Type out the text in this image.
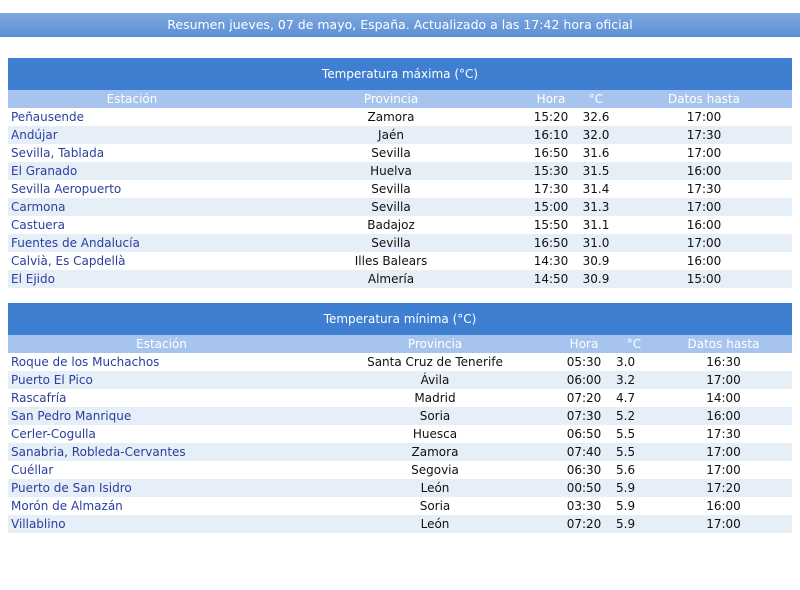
Resumen jueves, 07 de mayo, España. Actualizado a las 17:42 hora oficial
Temperatura máxima (°C)
Estación	Provincia	Hora	°C	Datos hasta
Peñausende	Zamora	15:20	32.6	17:00
Andújar	Jaén	16:10	32.0	17:30
Sevilla, Tablada	Sevilla	16:50	31.6	17:00
El Granado	Huelva	15:30	31.5	16:00
Sevilla Aeropuerto	Sevilla	17:30	31.4	17:30
Carmona	Sevilla	15:00	31.3	17:00
Castuera	Badajoz	15:50	31.1	16:00
Fuentes de Andalucía	Sevilla	16:50	31.0	17:00
Calvià, Es Capdellà	Illes Balears	14:30	30.9	16:00
El Ejido	Almería	14:50	30.9	15:00
Temperatura mínima (°C)
Estación	Provincia	Hora	°C	Datos hasta
Roque de los Muchachos	Santa Cruz de Tenerife	05:30	3.0	16:30
Puerto El Pico	Ávila	06:00	3.2	17:00
Rascafría	Madrid	07:20	4.7	14:00
San Pedro Manrique	Soria	07:30	5.2	16:00
Cerler-Cogulla	Huesca	06:50	5.5	17:30
Sanabria, Robleda-Cervantes	Zamora	07:40	5.5	17:00
Cuéllar	Segovia	06:30	5.6	17:00
Puerto de San Isidro	León	00:50	5.9	17:20
Morón de Almazán	Soria	03:30	5.9	16:00
Villablino	León	07:20	5.9	17:00
